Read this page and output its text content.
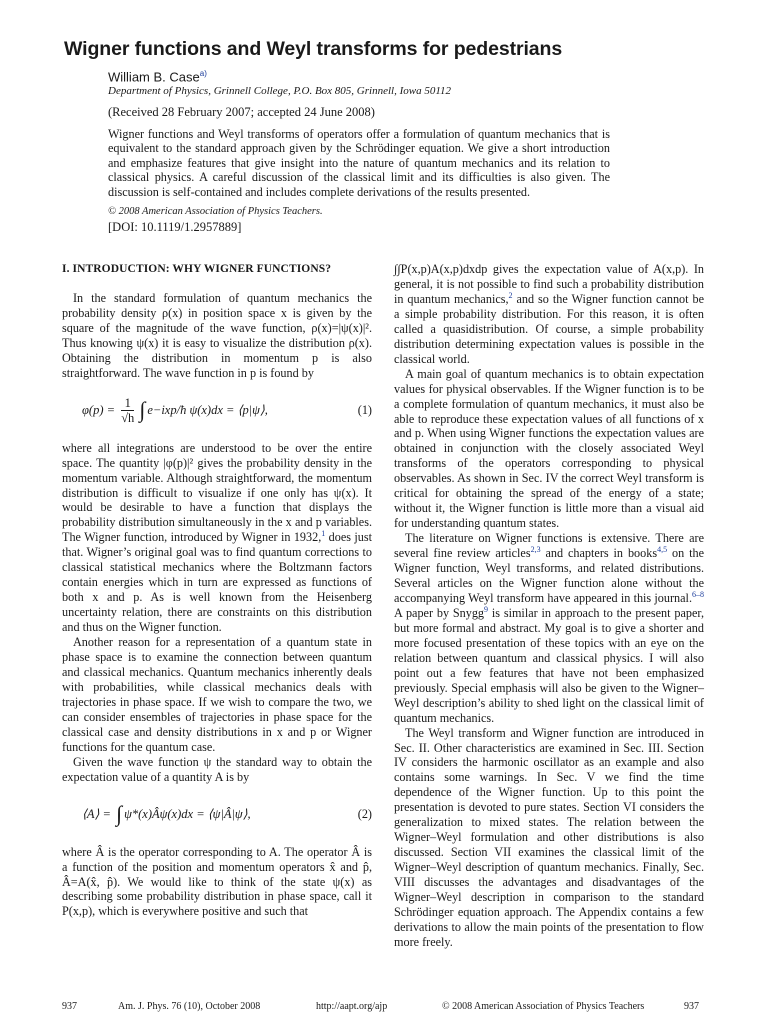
Wigner functions and Weyl transforms for pedestrians
William B. Case$^{a)}$
Department of Physics, Grinnell College, P.O. Box 805, Grinnell, Iowa 50112
(Received 28 February 2007; accepted 24 June 2008)
Wigner functions and Weyl transforms of operators offer a formulation of quantum mechanics that is equivalent to the standard approach given by the Schrödinger equation. We give a short introduction and emphasize features that give insight into the nature of quantum mechanics and its relation to classical physics. A careful discussion of the classical limit and its difficulties is also given. The discussion is self-contained and includes complete derivations of the results presented.
© 2008 American Association of Physics Teachers.
[DOI: 10.1119/1.2957889]
I. INTRODUCTION: WHY WIGNER FUNCTIONS?

In the standard formulation of quantum mechanics the probability density ρ(x) in position space x is given by the square of the magnitude of the wave function, ρ(x)=|ψ(x)|². Thus knowing ψ(x) it is easy to visualize the distribution ρ(x). Obtaining the distribution in momentum p is also straightforward. The wave function in p is found by

$\varphi(p) = \frac{1}{√h}$ ∫ e−ixp/ħ ψ(x)dx = ⟨p|ψ⟩,	(1)

where all integrations are understood to be over the entire space. The quantity |φ(p)|² gives the probability density in the momentum variable. Although straightforward, the momentum distribution is difficult to visualize if one only has ψ(x). It would be desirable to have a function that displays the probability distribution simultaneously in the x and p variables. The Wigner function, introduced by Wigner in 1932,$^1$ does just that. Wigner’s original goal was to find quantum corrections to classical statistical mechanics where the Boltzmann factors contain energies which in turn are expressed as functions of both x and p. As is well known from the Heisenberg uncertainty relation, there are constraints on this distribution and thus on the Wigner function.

Another reason for a representation of a quantum state in phase space is to examine the connection between quantum and classical mechanics. Quantum mechanics inherently deals with probabilities, while classical mechanics deals with trajectories in phase space. If we wish to compare the two, we can consider ensembles of trajectories in phase space for the classical case and density distributions in x and p or Wigner functions for the quantum case.

Given the wave function ψ the standard way to obtain the expectation value of a quantity A is by

⟨A⟩ = ∫ ψ*(x)Âψ(x)dx = ⟨ψ|Â|ψ⟩,	(2)

where Â is the operator corresponding to A. The operator Â is a function of the position and momentum operators x̂ and p̂, Â=A(x̂, p̂). We would like to think of the state ψ(x) as describing some probability distribution in phase space, call it P(x,p), which is everywhere positive and such that

∫∫P(x,p)A(x,p)dxdp gives the expectation value of A(x,p). In general, it is not possible to find such a probability distribution in quantum mechanics,$^2$ and so the Wigner function cannot be a simple probability distribution. For this reason, it is often called a quasidistribution. Of course, a simple probability distribution determining expectation values is possible in the classical world.

A main goal of quantum mechanics is to obtain expectation values for physical observables. If the Wigner function is to be a complete formulation of quantum mechanics, it must also be able to reproduce these expectation values of all functions of x and p. When using Wigner functions the expectation values are obtained in conjunction with the closely associated Weyl transforms of the operators corresponding to physical observables. As shown in Sec. IV the correct Weyl transform is critical for obtaining the spread of the energy of a state; without it, the Wigner function is little more than a visual aid for understanding quantum states.

The literature on Wigner functions is extensive. There are several fine review articles$^{2,3}$ and chapters in books$^{4,5}$ on the Wigner function, Weyl transforms, and related distributions. Several articles on the Wigner function alone without the accompanying Weyl transform have appeared in this journal.$^{6-8}$ A paper by Snygg$^9$ is similar in approach to the present paper, but more formal and abstract. My goal is to give a shorter and more focused presentation of these topics with an eye on the relation between quantum and classical physics. I will also point out a few features that have not been emphasized previously. Special emphasis will also be given to the Wigner–Weyl description’s ability to shed light on the classical limit of quantum mechanics.

The Weyl transform and Wigner function are introduced in Sec. II. Other characteristics are examined in Sec. III. Section IV considers the harmonic oscillator as an example and also contains some warnings. In Sec. V we find the time dependence of the Wigner function. Up to this point the presentation is devoted to pure states. Section VI considers the generalization to mixed states. The relation between the Wigner–Weyl formulation and other distributions is also discussed. Section VII examines the classical limit of the Wigner–Weyl description of quantum mechanics. Finally, Sec. VIII discusses the advantages and disadvantages of the Wigner–Weyl description in comparison to the standard Schrödinger equation approach. The Appendix contains a few derivations to allow the main points of the presentation to flow more freely.

937	Am. J. Phys. 76 (10), October 2008	http://aapt.org/ajp	© 2008 American Association of Physics Teachers	937
